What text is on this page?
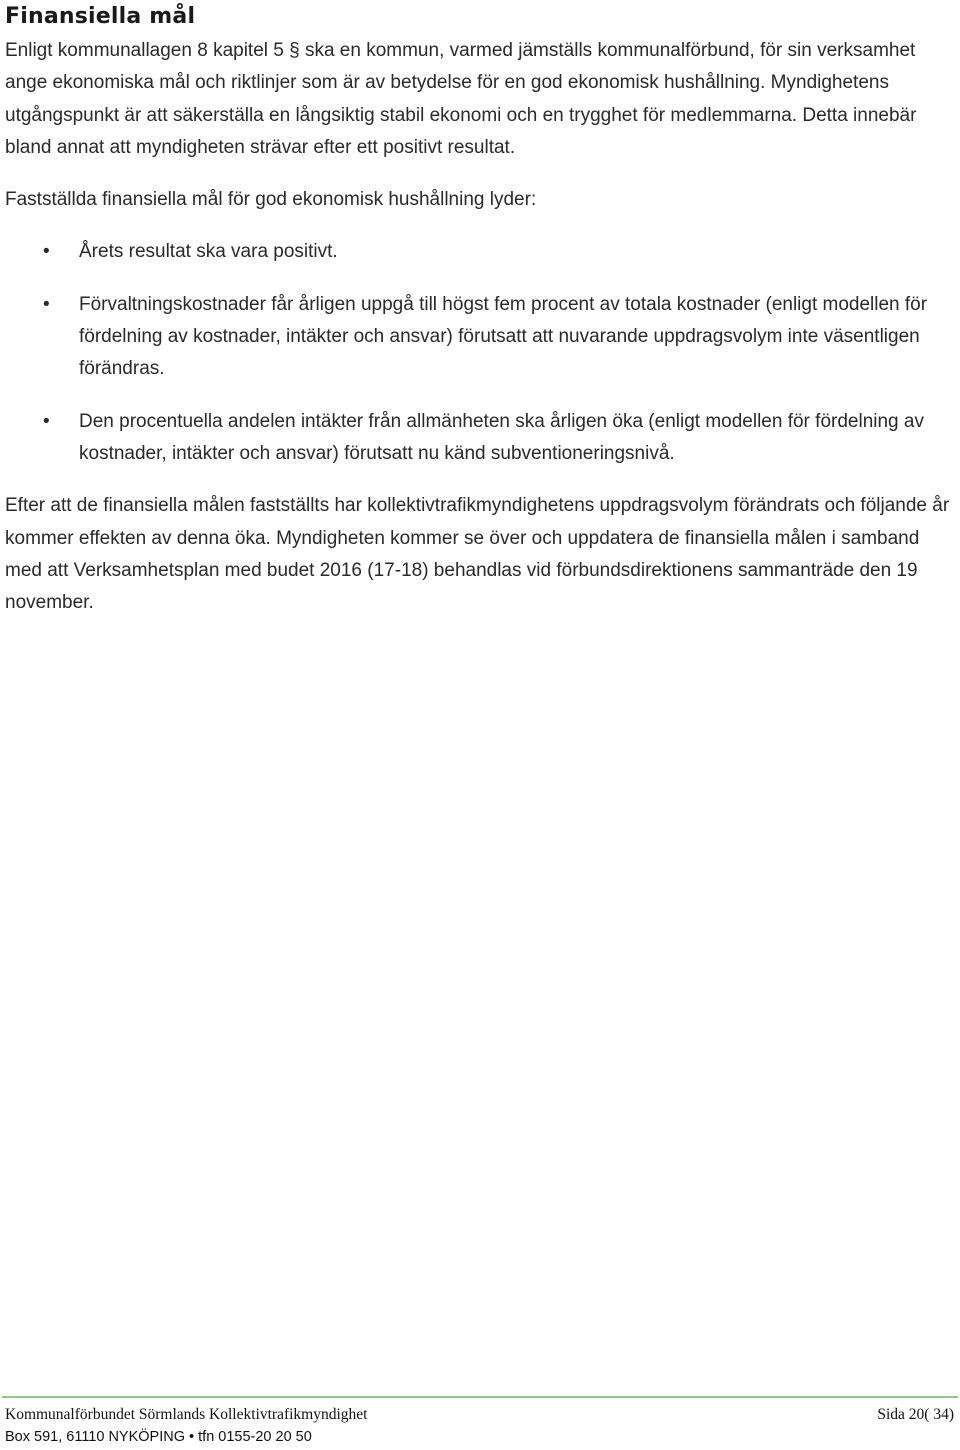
Finansiella mål

Enligt kommunallagen 8 kapitel 5 § ska en kommun, varmed jämställs kommunalförbund, för sin verksamhet ange ekonomiska mål och riktlinjer som är av betydelse för en god ekonomisk hushållning. Myndighetens utgångspunkt är att säkerställa en långsiktig stabil ekonomi och en trygghet för medlemmarna. Detta innebär bland annat att myndigheten strävar efter ett positivt resultat.

Fastställda finansiella mål för god ekonomisk hushållning lyder:

• Årets resultat ska vara positivt.
• Förvaltningskostnader får årligen uppgå till högst fem procent av totala kostnader (enligt modellen för fördelning av kostnader, intäkter och ansvar) förutsatt att nuvarande uppdragsvolym inte väsentligen förändras.
• Den procentuella andelen intäkter från allmänheten ska årligen öka (enligt modellen för fördelning av kostnader, intäkter och ansvar) förutsatt nu känd subventioneringsnivå.

Efter att de finansiella målen fastställts har kollektivtrafikmyndighetens uppdragsvolym förändrats och följande år kommer effekten av denna öka. Myndigheten kommer se över och uppdatera de finansiella målen i samband med att Verksamhetsplan med budet 2016 (17-18) behandlas vid förbundsdirektionens sammanträde den 19 november.

Kommunalförbundet Sörmlands Kollektivtrafikmyndighet	Sida 20( 34)
Box 591, 61110 NYKÖPING • tfn 0155-20 20 50
